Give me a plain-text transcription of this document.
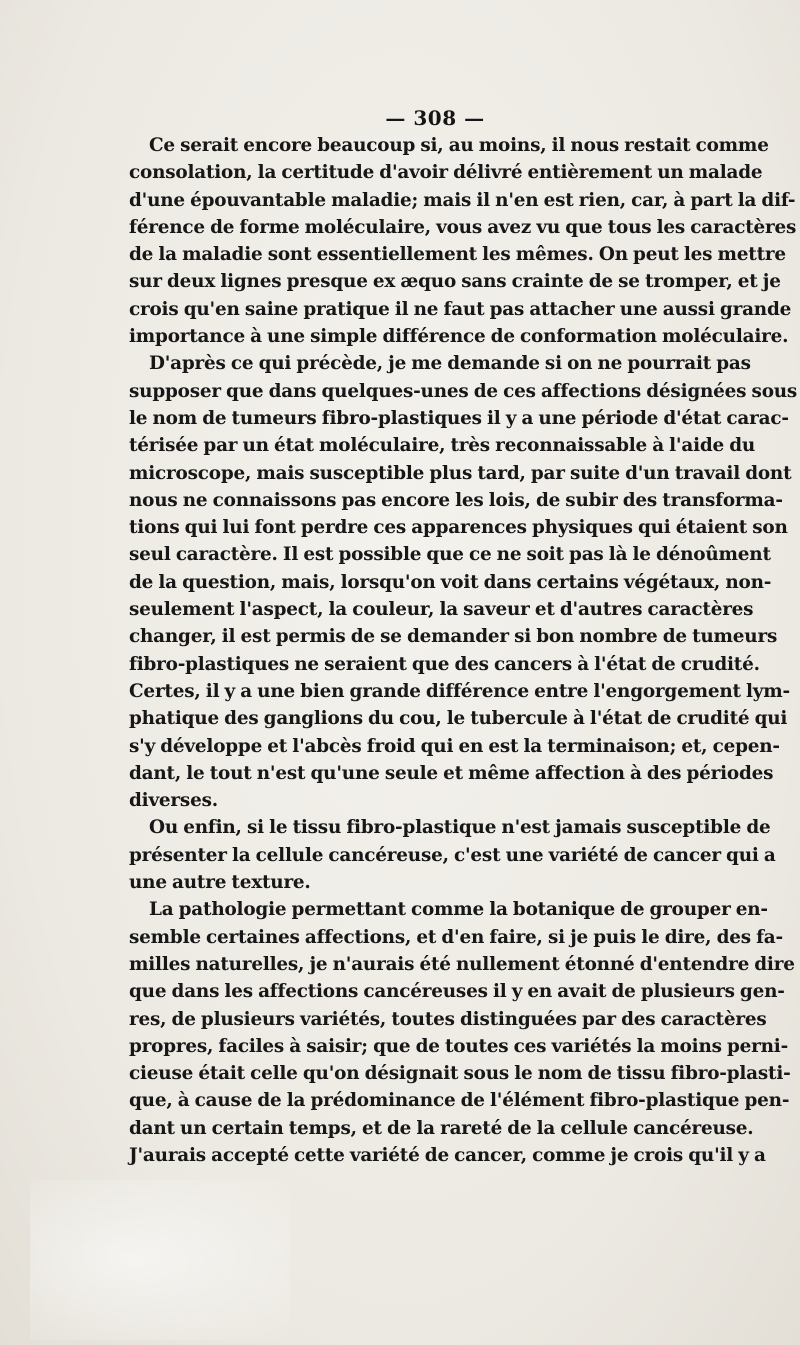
— 308 —
Ce serait encore beaucoup si, au moins, il nous restait comme
consolation, la certitude d'avoir délivré entièrement un malade
d'une épouvantable maladie; mais il n'en est rien, car, à part la dif-
férence de forme moléculaire, vous avez vu que tous les caractères
de la maladie sont essentiellement les mêmes. On peut les mettre
sur deux lignes presque ex æquo sans crainte de se tromper, et je
crois qu'en saine pratique il ne faut pas attacher une aussi grande
importance à une simple différence de conformation moléculaire.
D'après ce qui précède, je me demande si on ne pourrait pas
supposer que dans quelques-unes de ces affections désignées sous
le nom de tumeurs fibro-plastiques il y a une période d'état carac-
térisée par un état moléculaire, très reconnaissable à l'aide du
microscope, mais susceptible plus tard, par suite d'un travail dont
nous ne connaissons pas encore les lois, de subir des transforma-
tions qui lui font perdre ces apparences physiques qui étaient son
seul caractère. Il est possible que ce ne soit pas là le dénoûment
de la question, mais, lorsqu'on voit dans certains végétaux, non-
seulement l'aspect, la couleur, la saveur et d'autres caractères
changer, il est permis de se demander si bon nombre de tumeurs
fibro-plastiques ne seraient que des cancers à l'état de crudité.
Certes, il y a une bien grande différence entre l'engorgement lym-
phatique des ganglions du cou, le tubercule à l'état de crudité qui
s'y développe et l'abcès froid qui en est la terminaison; et, cepen-
dant, le tout n'est qu'une seule et même affection à des périodes
diverses.
Ou enfin, si le tissu fibro-plastique n'est jamais susceptible de
présenter la cellule cancéreuse, c'est une variété de cancer qui a
une autre texture.
La pathologie permettant comme la botanique de grouper en-
semble certaines affections, et d'en faire, si je puis le dire, des fa-
milles naturelles, je n'aurais été nullement étonné d'entendre dire
que dans les affections cancéreuses il y en avait de plusieurs gen-
res, de plusieurs variétés, toutes distinguées par des caractères
propres, faciles à saisir; que de toutes ces variétés la moins perni-
cieuse était celle qu'on désignait sous le nom de tissu fibro-plasti-
que, à cause de la prédominance de l'élément fibro-plastique pen-
dant un certain temps, et de la rareté de la cellule cancéreuse.
J'aurais accepté cette variété de cancer, comme je crois qu'il y a
